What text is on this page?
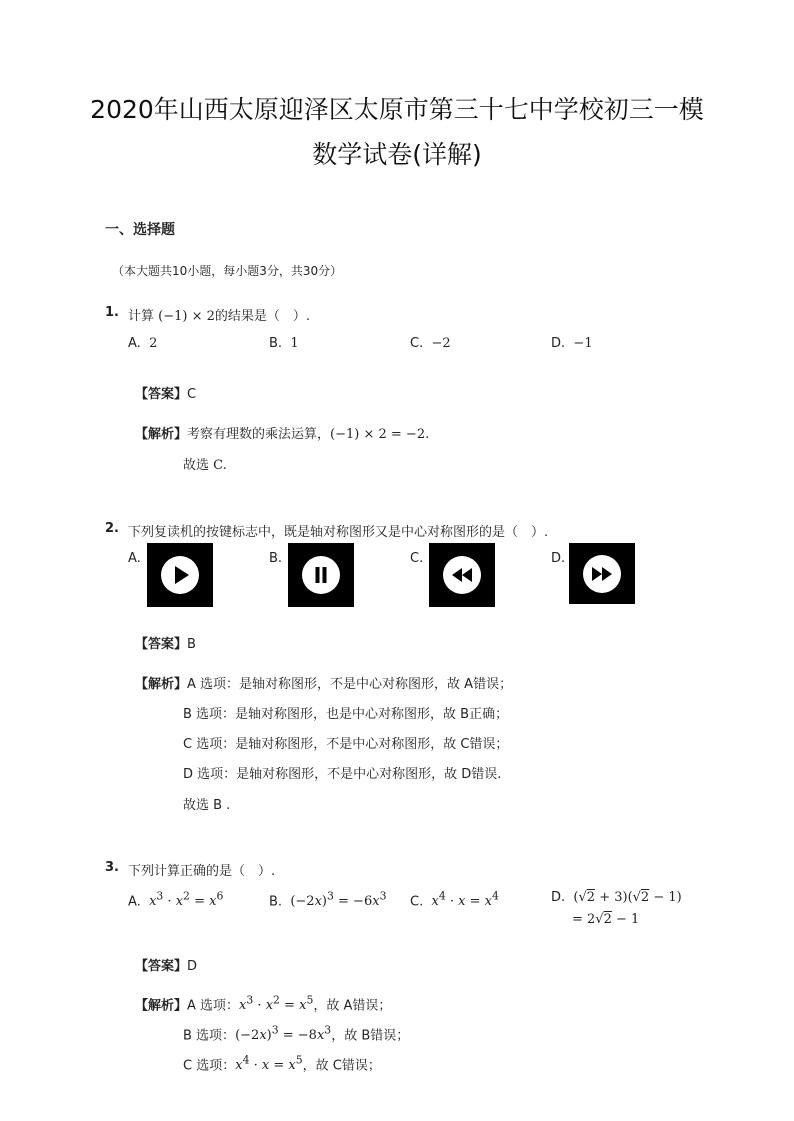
2020年山西太原迎泽区太原市第三十七中学校初三一模
数学试卷(详解)
一、选择题
（本大题共10小题，每小题3分，共30分）
1. 计算 (−1) × 2的结果是（　）.
A. 2	B. 1	C. −2	D. −1
【答案】C
【解析】考察有理数的乘法运算，(−1) × 2 = −2.
故选 C.
2. 下列复读机的按键标志中，既是轴对称图形又是中心对称图形的是（　）.
A.	B.	C.	D.
【答案】B
【解析】A 选项：是轴对称图形，不是中心对称图形，故 A错误；
B 选项：是轴对称图形，也是中心对称图形，故 B正确；
C 选项：是轴对称图形，不是中心对称图形，故 C错误；
D 选项：是轴对称图形，不是中心对称图形，故 D错误.
故选 B .
3. 下列计算正确的是（　）.
A. $x^3 \cdot x^2 = x^6$	B. $(-2x)^3 = -6x^3$ C. $x^4 \cdot x = x^4$	D. (√2 + 3)(√2 − 1)
= 2√2 − 1
【答案】D
【解析】A 选项：$x^3 \cdot x^2 = x^5$，故 A错误；
B 选项：$(-2x)^3 = -8x^3$，故 B错误；
C 选项：$x^4 \cdot x = x^5$，故 C错误；
